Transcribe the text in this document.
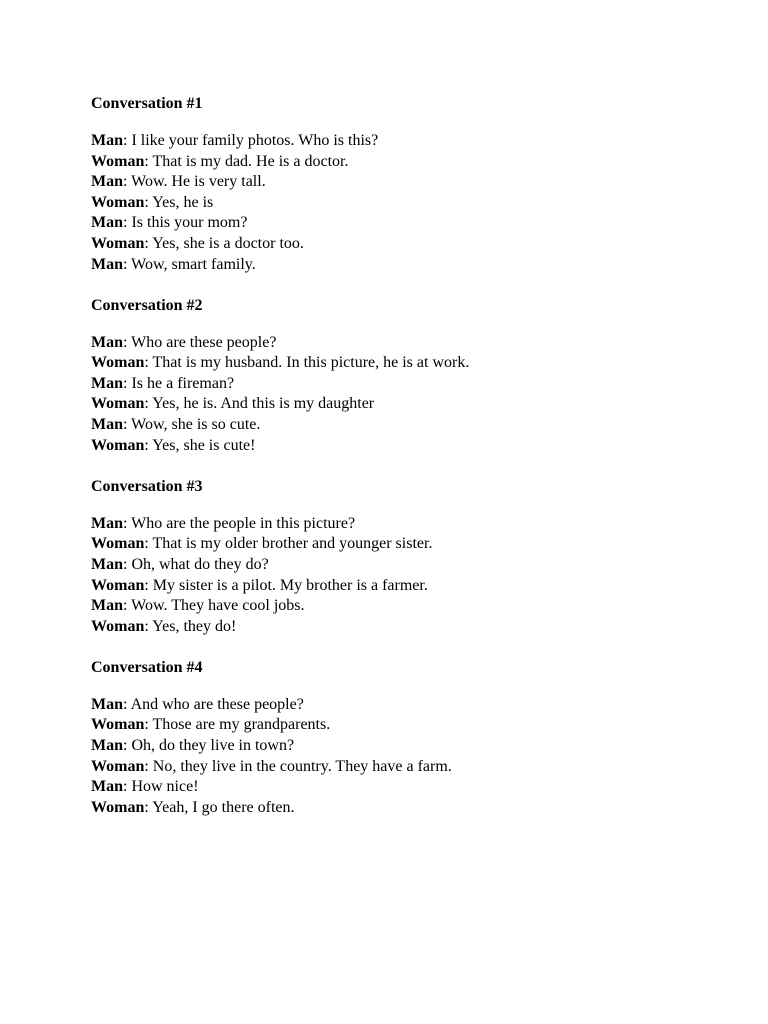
Conversation #1
Man: I like your family photos. Who is this?
Woman: That is my dad. He is a doctor.
Man: Wow. He is very tall.
Woman: Yes, he is
Man: Is this your mom?
Woman: Yes, she is a doctor too.
Man: Wow, smart family.
Conversation #2
Man: Who are these people?
Woman: That is my husband. In this picture, he is at work.
Man: Is he a fireman?
Woman: Yes, he is. And this is my daughter
Man: Wow, she is so cute.
Woman: Yes, she is cute!
Conversation #3
Man: Who are the people in this picture?
Woman: That is my older brother and younger sister.
Man: Oh, what do they do?
Woman: My sister is a pilot. My brother is a farmer.
Man: Wow. They have cool jobs.
Woman: Yes, they do!
Conversation #4
Man: And who are these people?
Woman: Those are my grandparents.
Man: Oh, do they live in town?
Woman: No, they live in the country. They have a farm.
Man: How nice!
Woman: Yeah, I go there often.
